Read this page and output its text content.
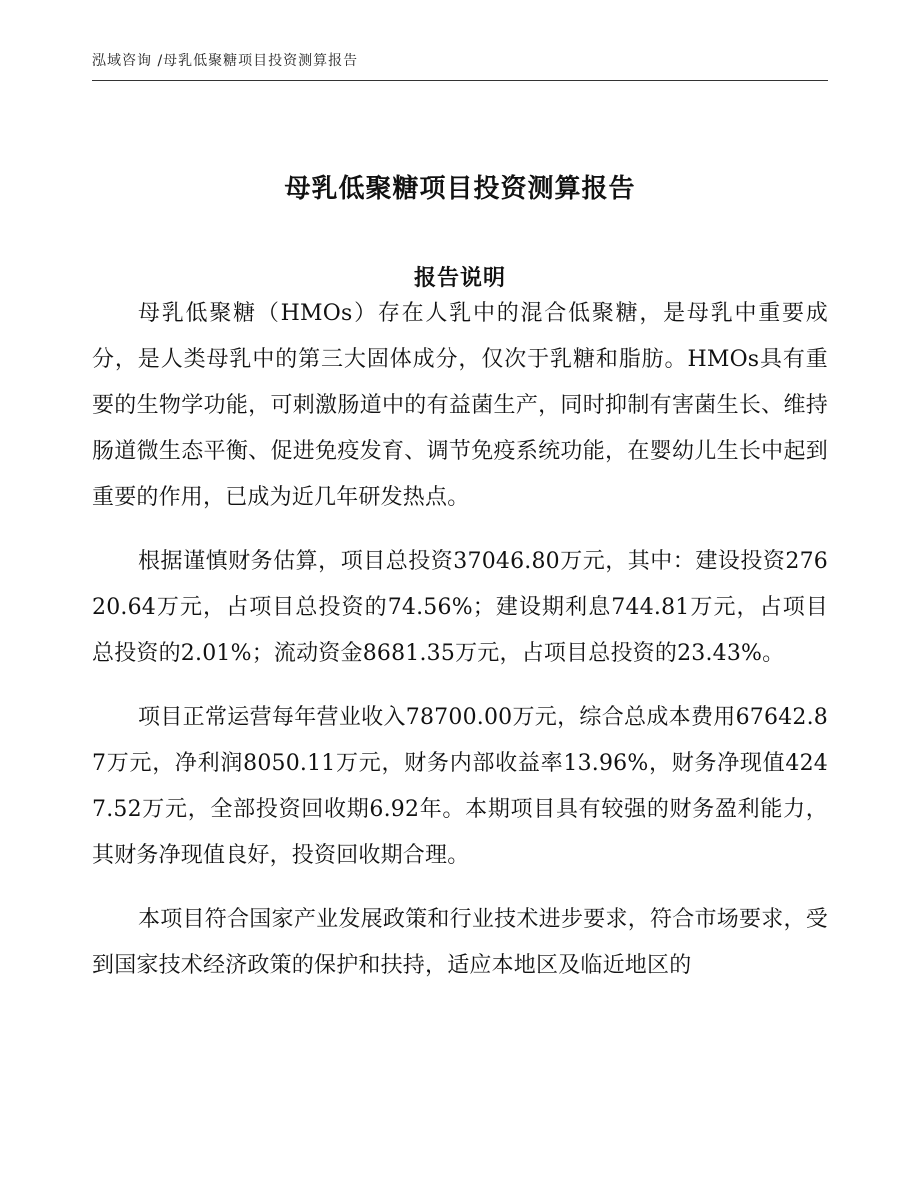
泓域咨询 /母乳低聚糖项目投资测算报告
母乳低聚糖项目投资测算报告
报告说明

母乳低聚糖（HMOs）存在人乳中的混合低聚糖，是母乳中重要成分，是人类母乳中的第三大固体成分，仅次于乳糖和脂肪。HMOs具有重要的生物学功能，可刺激肠道中的有益菌生产，同时抑制有害菌生长、维持肠道微生态平衡、促进免疫发育、调节免疫系统功能，在婴幼儿生长中起到重要的作用，已成为近几年研发热点。

根据谨慎财务估算，项目总投资37046.80万元，其中：建设投资27620.64万元，占项目总投资的74.56%；建设期利息744.81万元，占项目总投资的2.01%；流动资金8681.35万元，占项目总投资的23.43%。

项目正常运营每年营业收入78700.00万元，综合总成本费用67642.87万元，净利润8050.11万元，财务内部收益率13.96%，财务净现值4247.52万元，全部投资回收期6.92年。本期项目具有较强的财务盈利能力，其财务净现值良好，投资回收期合理。

本项目符合国家产业发展政策和行业技术进步要求，符合市场要求，受到国家技术经济政策的保护和扶持，适应本地区及临近地区的
